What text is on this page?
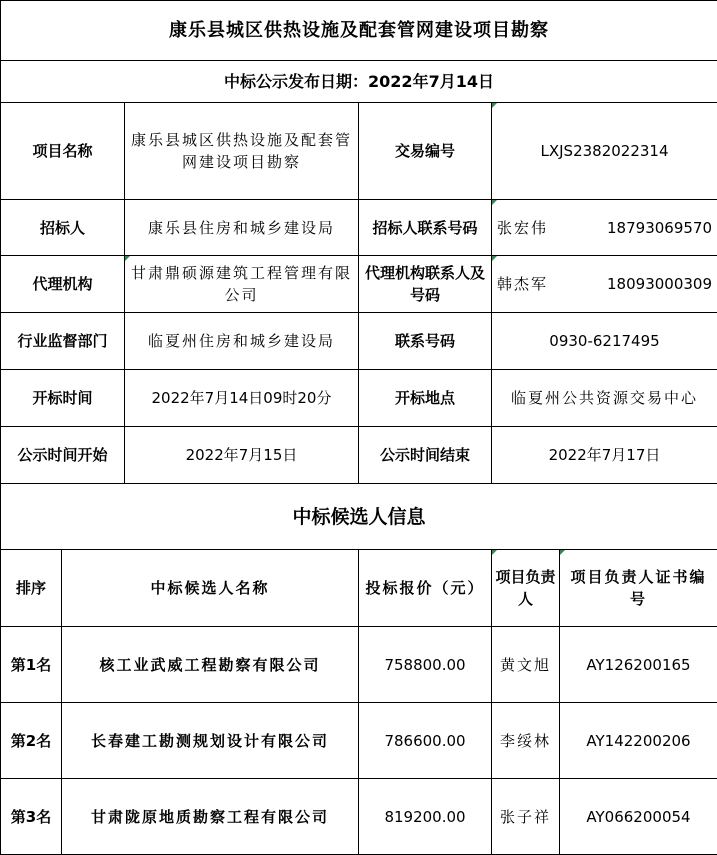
康乐县城区供热设施及配套管网建设项目勘察					
中标公示发布日期：2022年7月14日					
项目名称		康乐县城区供热设施及配套管网建设项目勘察	交易编号	LXJS2382022314	
招标人		康乐县住房和城乡建设局	招标人联系号码	张宏伟 18793069570	

代理机构		甘肃鼎硕源建筑工程管理有限公司	代理机构联系人及号码	韩杰军 18093000309	

行业监督部门		临夏州住房和城乡建设局	联系号码	0930-6217495	
开标时间		2022年7月14日09时20分	开标地点	临夏州公共资源交易中心	
公示时间开始		2022年7月15日	公示时间结束	2022年7月17日	
中标候选人信息					
排序	中标候选人名称		投标报价（元）	项目负责人	项目负责人证书编号
第1名	核工业武威工程勘察有限公司		758800.00	黄文旭	AY126200165
第2名	长春建工勘测规划设计有限公司		786600.00	李绥林	AY142200206
第3名	甘肃陇原地质勘察工程有限公司		819200.00	张子祥	AY066200054
